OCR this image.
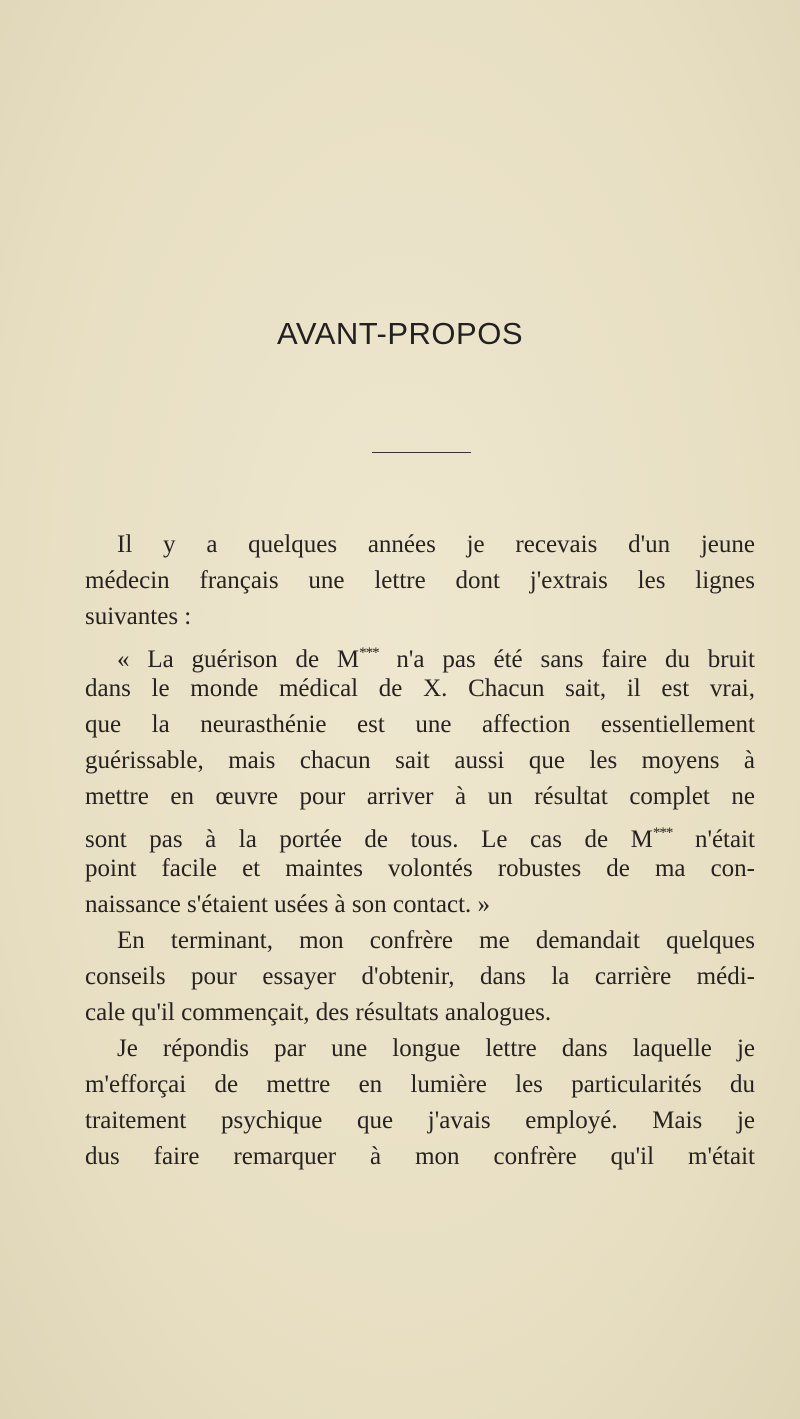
AVANT-PROPOS
Il y a quelques années je recevais d'un jeune
médecin français une lettre dont j'extrais les lignes
suivantes :
« La guérison de M*** n'a pas été sans faire du bruit
dans le monde médical de X. Chacun sait, il est vrai,
que la neurasthénie est une affection essentiellement
guérissable, mais chacun sait aussi que les moyens à
mettre en œuvre pour arriver à un résultat complet ne
sont pas à la portée de tous. Le cas de M*** n'était
point facile et maintes volontés robustes de ma con-
naissance s'étaient usées à son contact. »
En terminant, mon confrère me demandait quelques
conseils pour essayer d'obtenir, dans la carrière médi-
cale qu'il commençait, des résultats analogues.
Je répondis par une longue lettre dans laquelle je
m'efforçai de mettre en lumière les particularités du
traitement psychique que j'avais employé. Mais je
dus faire remarquer à mon confrère qu'il m'était
